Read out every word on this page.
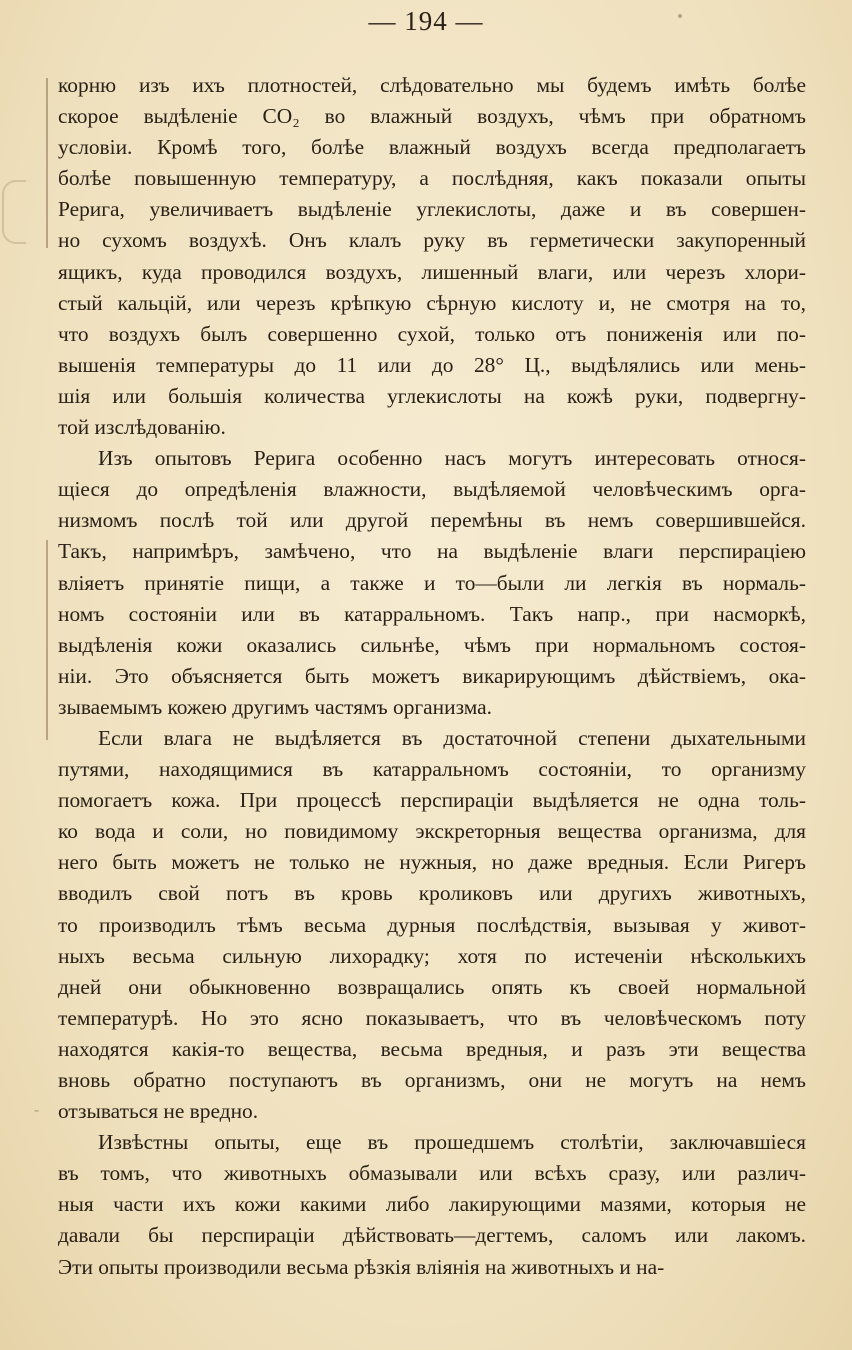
— 194 —
-
корню изъ ихъ плотностей, слѣдовательно мы будемъ имѣть болѣе
скорое выдѣленіе СО₂ во влажный воздухъ, чѣмъ при обратномъ
условіи. Кромѣ того, болѣе влажный воздухъ всегда предполагаетъ
болѣе повышенную температуру, а послѣдняя, какъ показали опыты
Рерига, увеличиваетъ выдѣленіе углекислоты, даже и въ совершен-
но сухомъ воздухѣ. Онъ клалъ руку въ герметически закупоренный
ящикъ, куда проводился воздухъ, лишенный влаги, или черезъ хлори-
стый кальцій, или черезъ крѣпкую сѣрную кислоту и, не смотря на то,
что воздухъ былъ совершенно сухой, только отъ пониженія или по-
вышенія температуры до 11 или до 28° Ц., выдѣлялись или мень-
шія или большія количества углекислоты на кожѣ руки, подвергну-
той изслѣдованію.
Изъ опытовъ Рерига особенно насъ могутъ интересовать относя-
щіеся до опредѣленія влажности, выдѣляемой человѣческимъ орга-
низмомъ послѣ той или другой перемѣны въ немъ совершившейся.
Такъ, напримѣръ, замѣчено, что на выдѣленіе влаги перспираціею
вліяетъ принятіе пищи, а также и то—были ли легкія въ нормаль-
номъ состояніи или въ катарральномъ. Такъ напр., при насморкѣ,
выдѣленія кожи оказались сильнѣе, чѣмъ при нормальномъ состоя-
ніи. Это объясняется быть можетъ викарирующимъ дѣйствіемъ, ока-
зываемымъ кожею другимъ частямъ организма.
Если влага не выдѣляется въ достаточной степени дыхательными
путями, находящимися въ катарральномъ состояніи, то организму
помогаетъ кожа. При процессѣ перспираціи выдѣляется не одна толь-
ко вода и соли, но повидимому экскреторныя вещества организма, для
него быть можетъ не только не нужныя, но даже вредныя. Если Ригеръ
вводилъ свой потъ въ кровь кроликовъ или другихъ животныхъ,
то производилъ тѣмъ весьма дурныя послѣдствія, вызывая у живот-
ныхъ весьма сильную лихорадку; хотя по истеченіи нѣсколькихъ
дней они обыкновенно возвращались опять къ своей нормальной
температурѣ. Но это ясно показываетъ, что въ человѣческомъ поту
находятся какія-то вещества, весьма вредныя, и разъ эти вещества
вновь обратно поступаютъ въ организмъ, они не могутъ на немъ
отзываться не вредно.
Извѣстны опыты, еще въ прошедшемъ столѣтіи, заключавшіеся
въ томъ, что животныхъ обмазывали или всѣхъ сразу, или различ-
ныя части ихъ кожи какими либо лакирующими мазями, которыя не
давали бы перспираціи дѣйствовать—дегтемъ, саломъ или лакомъ.
Эти опыты производили весьма рѣзкія вліянія на животныхъ и на-
